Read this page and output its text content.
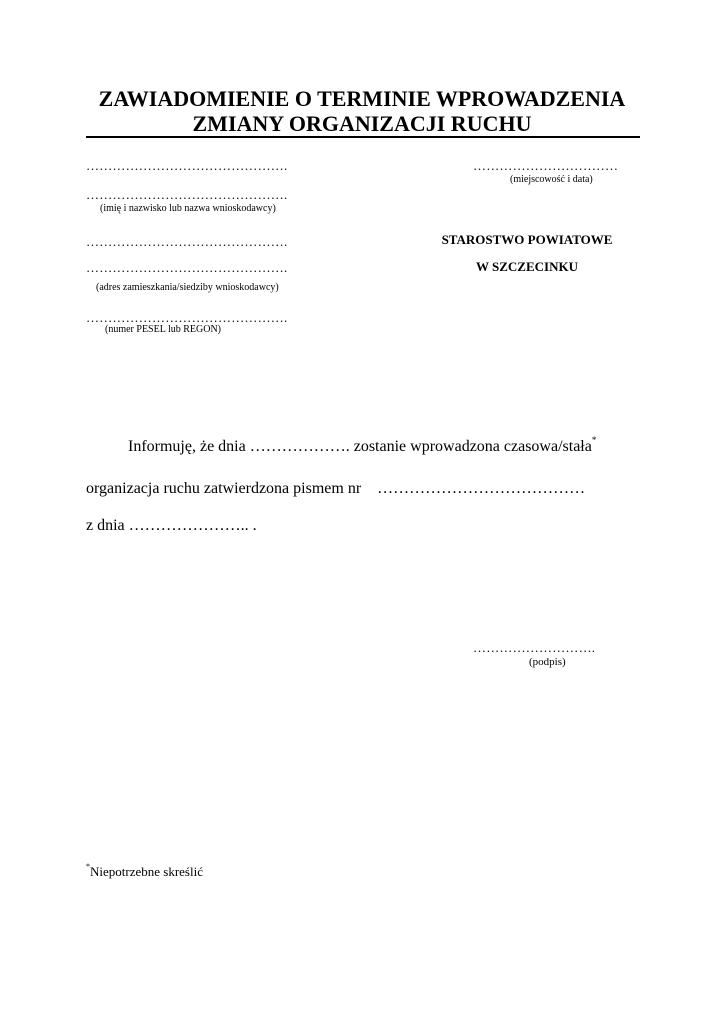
ZAWIADOMIENIE O TERMINIE WPROWADZENIA
ZMIANY ORGANIZACJI RUCHU
……………………………………….
……………………………………….
(imię i nazwisko lub nazwa wnioskodawcy)
……………………………………….
……………………………………….
(adres zamieszkania/siedziby wnioskodawcy)
……………………………………….
(numer PESEL lub REGON)
……………………………
(miejscowość i data)
STAROSTWO POWIATOWE
W SZCZECINKU
Informuję, że dnia ………………. zostanie wprowadzona czasowa/stała*
organizacja ruchu zatwierdzona pismem nr    …………………………………
z dnia ………………….. .
……………………….
(podpis)
*Niepotrzebne skreślić
